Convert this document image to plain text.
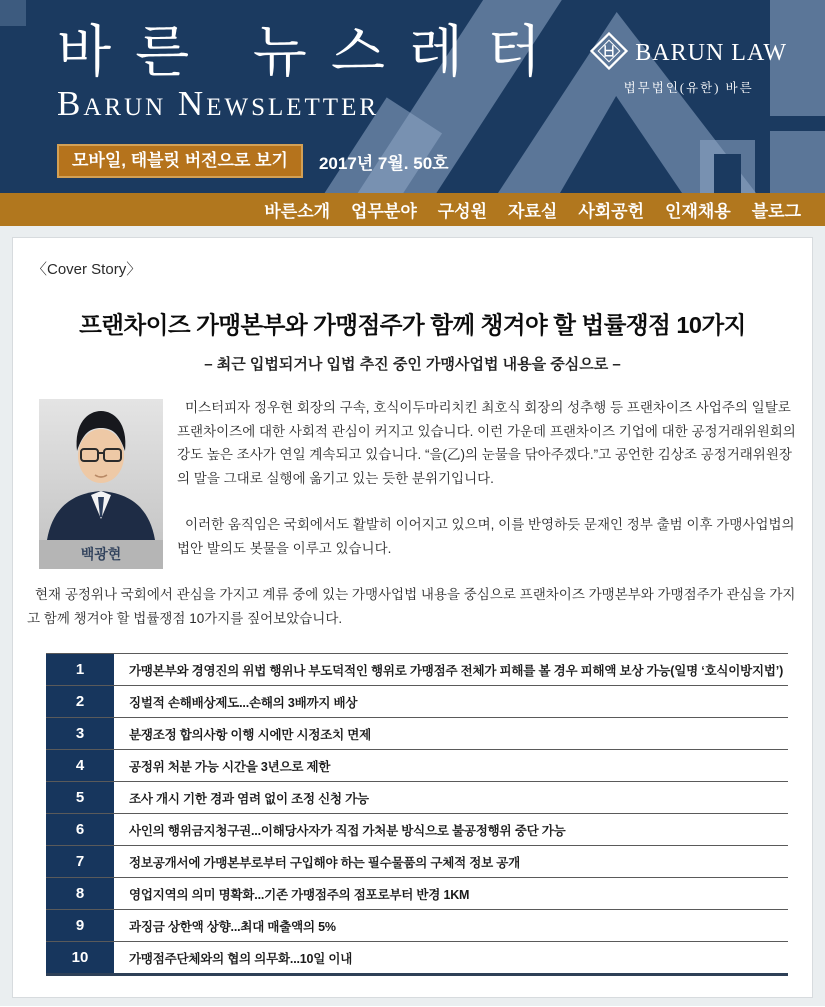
바른 뉴스레터
Barun Newsletter
모바일, 태블릿 버전으로 보기	2017년 7월. 50호
BARUN LAW
법무법인(유한) 바른
바른소개 업무분야 구성원 자료실 사회공헌 인재채용 블로그
〈Cover Story〉
프랜차이즈 가맹본부와 가맹점주가 함께 챙겨야 할 법률쟁점 10가지
– 최근 입법되거나 입법 추진 중인 가맹사업법 내용을 중심으로 –
백광현

미스터피자 정우현 회장의 구속, 호식이두마리치킨 최호식 회장의 성추행 등 프랜차이즈 사업주의 일탈로 프랜차이즈에 대한 사회적 관심이 커지고 있습니다. 이런 가운데 프랜차이즈 기업에 대한 공정거래위원회의 강도 높은 조사가 연일 계속되고 있습니다. “을(乙)의 눈물을 닦아주겠다.”고 공언한 김상조 공정거래위원장의 말을 그대로 실행에 옮기고 있는 듯한 분위기입니다.

이러한 움직임은 국회에서도 활발히 이어지고 있으며, 이를 반영하듯 문재인 정부 출범 이후 가맹사업법의 법안 발의도 봇물을 이루고 있습니다.

현재 공정위나 국회에서 관심을 가지고 계류 중에 있는 가맹사업법 내용을 중심으로 프랜차이즈 가맹본부와 가맹점주가 관심을 가지고 함께 챙겨야 할 법률쟁점 10가지를 짚어보았습니다.

1	가맹본부와 경영진의 위법 행위나 부도덕적인 행위로 가맹점주 전체가 피해를 볼 경우 피해액 보상 가능(일명 ‘호식이방지법’)
2	징벌적 손해배상제도...손해의 3배까지 배상
3	분쟁조정 합의사항 이행 시에만 시정조치 면제
4	공정위 처분 가능 시간을 3년으로 제한
5	조사 개시 기한 경과 염려 없이 조정 신청 가능
6	사인의 행위금지청구권...이해당사자가 직접 가처분 방식으로 불공정행위 중단 가능
7	정보공개서에 가맹본부로부터 구입해야 하는 필수물품의 구체적 정보 공개
8	영업지역의 의미 명확화...기존 가맹점주의 점포로부터 반경 1KM
9	과징금 상한액 상향...최대 매출액의 5%
10	가맹점주단체와의 협의 의무화...10일 이내
